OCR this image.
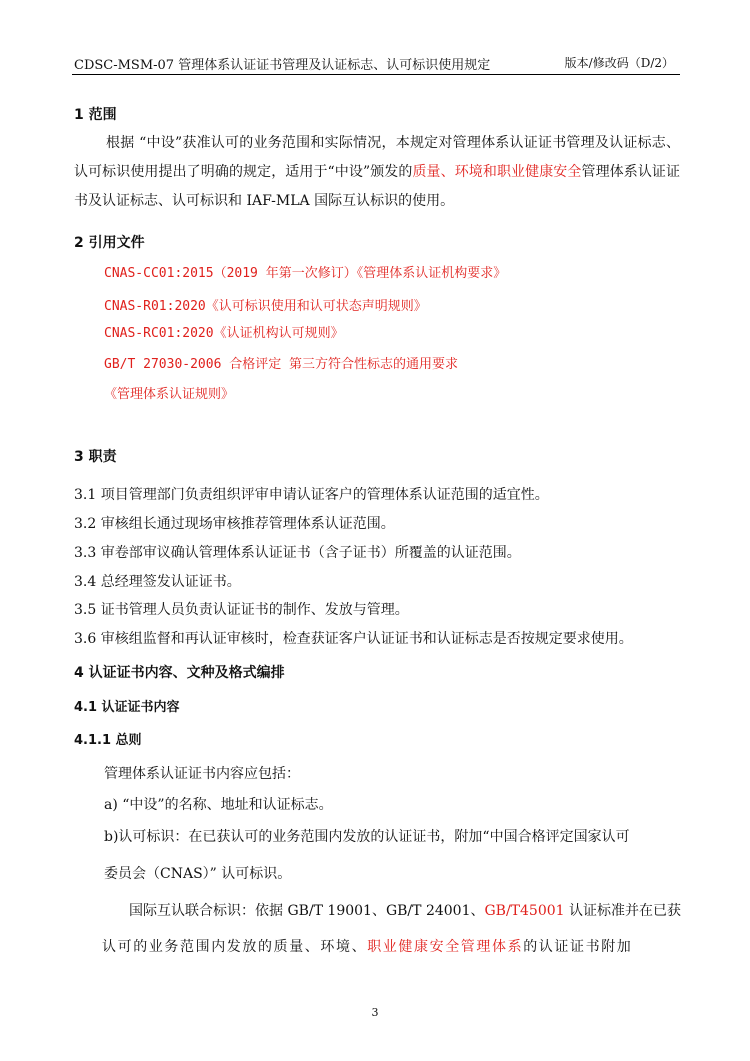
CDSC-MSM-07 管理体系认证证书管理及认证标志、认可标识使用规定	版本/修改码（D/2）
1 范围
根据 “中设”获准认可的业务范围和实际情况，本规定对管理体系认证证书管理及认证标志、认可标识使用提出了明确的规定，适用于“中设”颁发的质量、环境和职业健康安全管理体系认证证书及认证标志、认可标识和 IAF-MLA 国际互认标识的使用。
2 引用文件
CNAS-CC01:2015（2019 年第一次修订）《管理体系认证机构要求》
CNAS-R01:2020《认可标识使用和认可状态声明规则》
CNAS-RC01:2020《认证机构认可规则》
GB/T 27030-2006 合格评定 第三方符合性标志的通用要求
《管理体系认证规则》
3 职责
3.1 项目管理部门负责组织评审申请认证客户的管理体系认证范围的适宜性。
3.2 审核组长通过现场审核推荐管理体系认证范围。
3.3 审卷部审议确认管理体系认证证书（含子证书）所覆盖的认证范围。
3.4 总经理签发认证证书。
3.5 证书管理人员负责认证证书的制作、发放与管理。
3.6 审核组监督和再认证审核时，检查获证客户认证证书和认证标志是否按规定要求使用。
4 认证证书内容、文种及格式编排
4.1 认证证书内容
4.1.1 总则
管理体系认证证书内容应包括：
a) “中设”的名称、地址和认证标志。
b)认可标识：在已获认可的业务范围内发放的认证证书，附加“中国合格评定国家认可
委员会（CNAS）” 认可标识。
国际互认联合标识：依据 GB/T 19001、GB/T 24001、GB/T45001 认证标准并在已获
认可的业务范围内发放的质量、环境、职业健康安全管理体系的认证证书附加
3
